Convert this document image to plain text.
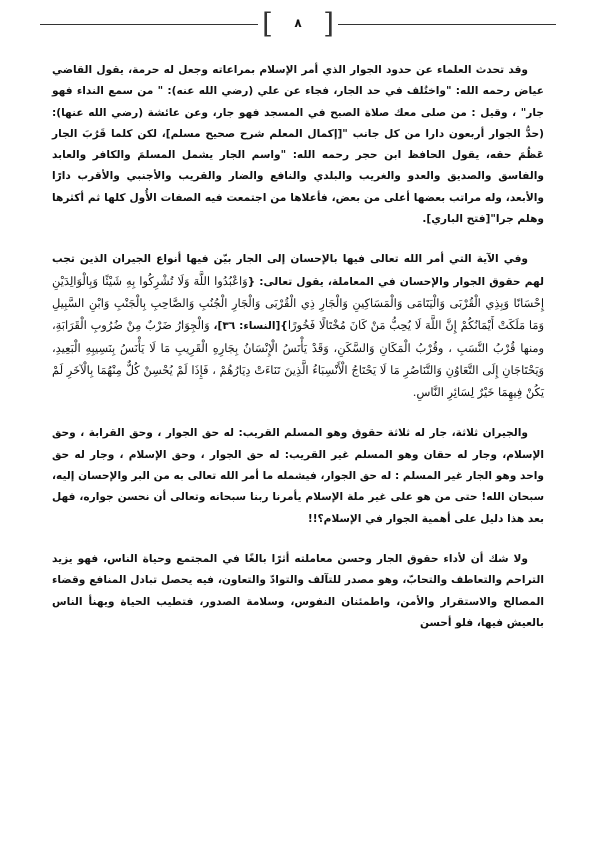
[	٨ ]

وقد تحدث العلماء عن حدود الجوار الذي أمر الإسلام بمراعاته وجعل له حرمة، يقول القاضي عياض رحمه الله: "واختُلف في حد الجار، فجاء عن علي (رضي الله عنه): " من سمع النداء فهو جار" ، وقيل : من صلى معك صلاة الصبح في المسجد فهو جار، وعن عائشة (رضي الله عنها): (حدُّ الجوار أربعون دارا من كل جانب "[إكمال المعلم شرح صحيح مسلم]، لكن كلما قَرُبَ الجار عَظُمَ حقه، يقول الحافظ ابن حجر رحمه الله: "واسم الجار يشمل المسلمَ والكافر والعابد والفاسق والصديق والعدو والغريب والبلدي والنافع والضار والقريب والأجنبي والأقرب دارًا والأبعد، وله مراتب بعضها أعلى من بعض، فأعلاها من اجتمعت فيه الصفات الأُول كلها ثم أكثرها وهلم جرا"[فتح الباري].

وفي الآية التي أمر الله تعالى فيها بالإحسان إلى الجار بيّن فيها أنواع الجيران الذين تجب لهم حقوق الجوار والإحسان في المعاملة، يقول تعالى: {وَاعْبُدُوا اللَّهَ وَلَا تُشْرِكُوا بِهِ شَيْئًا وَبِالْوَالِدَيْنِ إِحْسَانًا وَبِذِي الْقُرْبَى وَالْيَتَامَى وَالْمَسَاكِينِ وَالْجَارِ ذِي الْقُرْبَى وَالْجَارِ الْجُنُبِ وَالصَّاحِبِ بِالْجَنْبِ وَابْنِ السَّبِيلِ وَمَا مَلَكَتْ أَيْمَانُكُمْ إِنَّ اللَّهَ لَا يُحِبُّ مَنْ كَانَ مُخْتَالًا فَخُورًا}[النساء: ٣٦]، وَالْجِوَارُ ضَرْبٌ مِنْ ضُرُوبِ الْقَرَابَةِ، ومنها قُرْبُ النَّسَبِ ، وقُرْبُ الْمَكَانِ وَالسَّكَنِ، وَقَدْ يَأْنَسُ الْإِنْسَانُ بِجَارِهِ الْقَرِيبِ مَا لَا يَأْنَسُ بِنَسِيبِهِ الْبَعِيدِ، وَيَحْتَاجَانِ إِلَى التَّعَاوُنِ وَالتَّنَاصُرِ مَا لَا يَحْتَاجُ الْأَنْسِبَاءُ الَّذِينَ تَنَاءَتْ دِيَارُهُمْ ، فَإِذَا لَمْ يُحْسِنْ كُلٌّ مِنْهُمَا بِالْآخَرِ لَمْ يَكُنْ فِيهِمَا خَيْرٌ لِسَائِرِ النَّاسِ.

والجيران ثلاثة، جار له ثلاثة حقوق وهو المسلم القريب: له حق الجوار ، وحق القرابة ، وحق الإسلام، وجار له حقان وهو المسلم غير القريب: له حق الجوار ، وحق الإسلام ، وجار له حق واحد وهو الجار غير المسلم : له حق الجوار، فيشمله ما أمر الله تعالى به من البر والإحسان إليه، سبحان الله! حتى من هو على غير ملة الإسلام يأمرنا ربنا سبحانه وتعالى أن نحسن جواره، فهل بعد هذا دليل على أهمية الجوار في الإسلام؟!!

ولا شك أن لأداء حقوق الجار وحسن معاملته أثرًا بالغًا في المجتمع وحياة الناس، فهو يزيد التراحم والتعاطف والتحابّ، وهو مصدر للتآلف والتوادّ والتعاون، فيه يحصل تبادل المنافع وقضاء المصالح والاستقرار والأمن، واطمئنان النفوس، وسلامة الصدور، فتطيب الحياة ويهنأ الناس بالعيش فيها، فلو أحسن
